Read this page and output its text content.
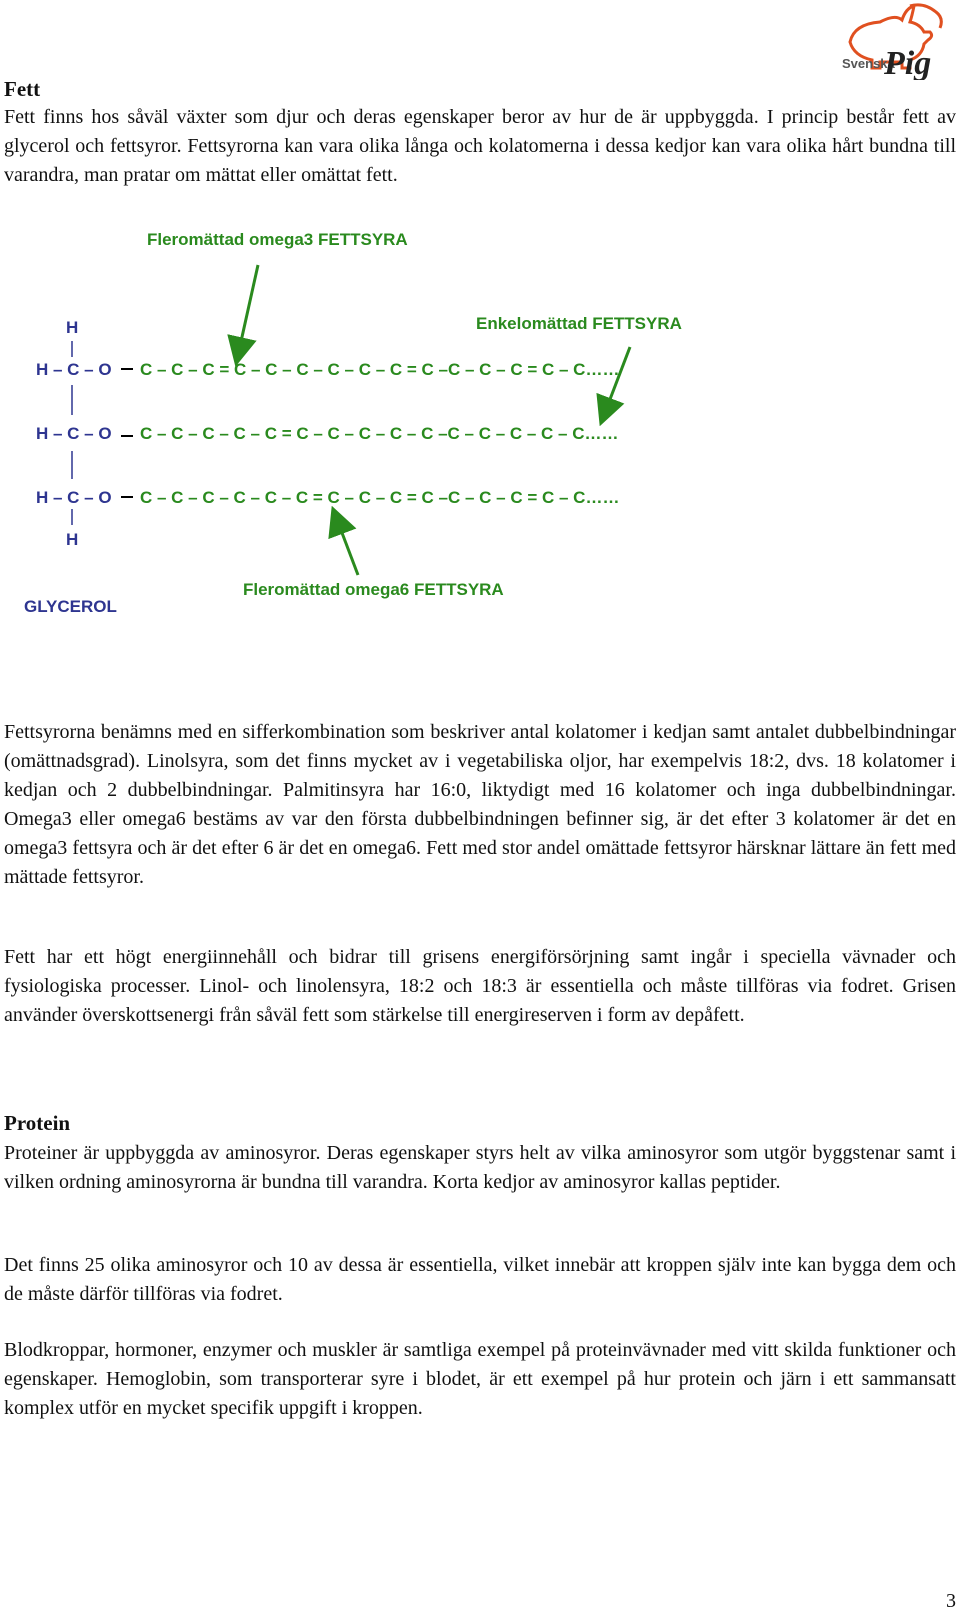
Svenska
Pig
Fett
Fett finns hos såväl växter som djur och deras egenskaper beror av hur de är uppbyggda. I princip består fett av glycerol och fettsyror. Fettsyrorna kan vara olika långa och kolatomerna i dessa kedjor kan vara olika hårt bundna till varandra, man pratar om mättat eller omättat fett.
Fleromättad omega3 FETTSYRA
Enkelomättad FETTSYRA
Fleromättad omega6 FETTSYRA
GLYCEROL
H
H – C – O
H – C – O
H – C – O
H
C – C – C = C – C – C – C – C – C = C –C – C – C = C – C……
C – C – C – C – C = C – C – C – C – C –C – C – C – C – C……
C – C – C – C – C – C = C – C – C = C –C – C – C = C – C……
Fettsyrorna benämns med en sifferkombination som beskriver antal kolatomer i kedjan samt antalet dubbelbindningar (omättnadsgrad). Linolsyra, som det finns mycket av i vegetabiliska oljor, har exempelvis 18:2, dvs. 18 kolatomer i kedjan och 2 dubbelbindningar. Palmitinsyra har 16:0, liktydigt med 16 kolatomer och inga dubbelbindningar. Omega3 eller omega6 bestäms av var den första dubbelbindningen befinner sig, är det efter 3 kolatomer är det en omega3 fettsyra och är det efter 6 är det en omega6. Fett med stor andel omättade fettsyror härsknar lättare än fett med mättade fettsyror.
Fett har ett högt energiinnehåll och bidrar till grisens energiförsörjning samt ingår i speciella vävnader och fysiologiska processer. Linol- och linolensyra, 18:2 och 18:3 är essentiella och måste tillföras via fodret. Grisen använder överskottsenergi från såväl fett som stärkelse till energireserven i form av depåfett.
Protein
Proteiner är uppbyggda av aminosyror. Deras egenskaper styrs helt av vilka aminosyror som utgör byggstenar samt i vilken ordning aminosyrorna är bundna till varandra. Korta kedjor av aminosyror kallas peptider.
Det finns 25 olika aminosyror och 10 av dessa är essentiella, vilket innebär att kroppen själv inte kan bygga dem och de måste därför tillföras via fodret.
Blodkroppar, hormoner, enzymer och muskler är samtliga exempel på proteinvävnader med vitt skilda funktioner och egenskaper. Hemoglobin, som transporterar syre i blodet, är ett exempel på hur protein och järn i ett sammansatt komplex utför en mycket specifik uppgift i kroppen.
3
